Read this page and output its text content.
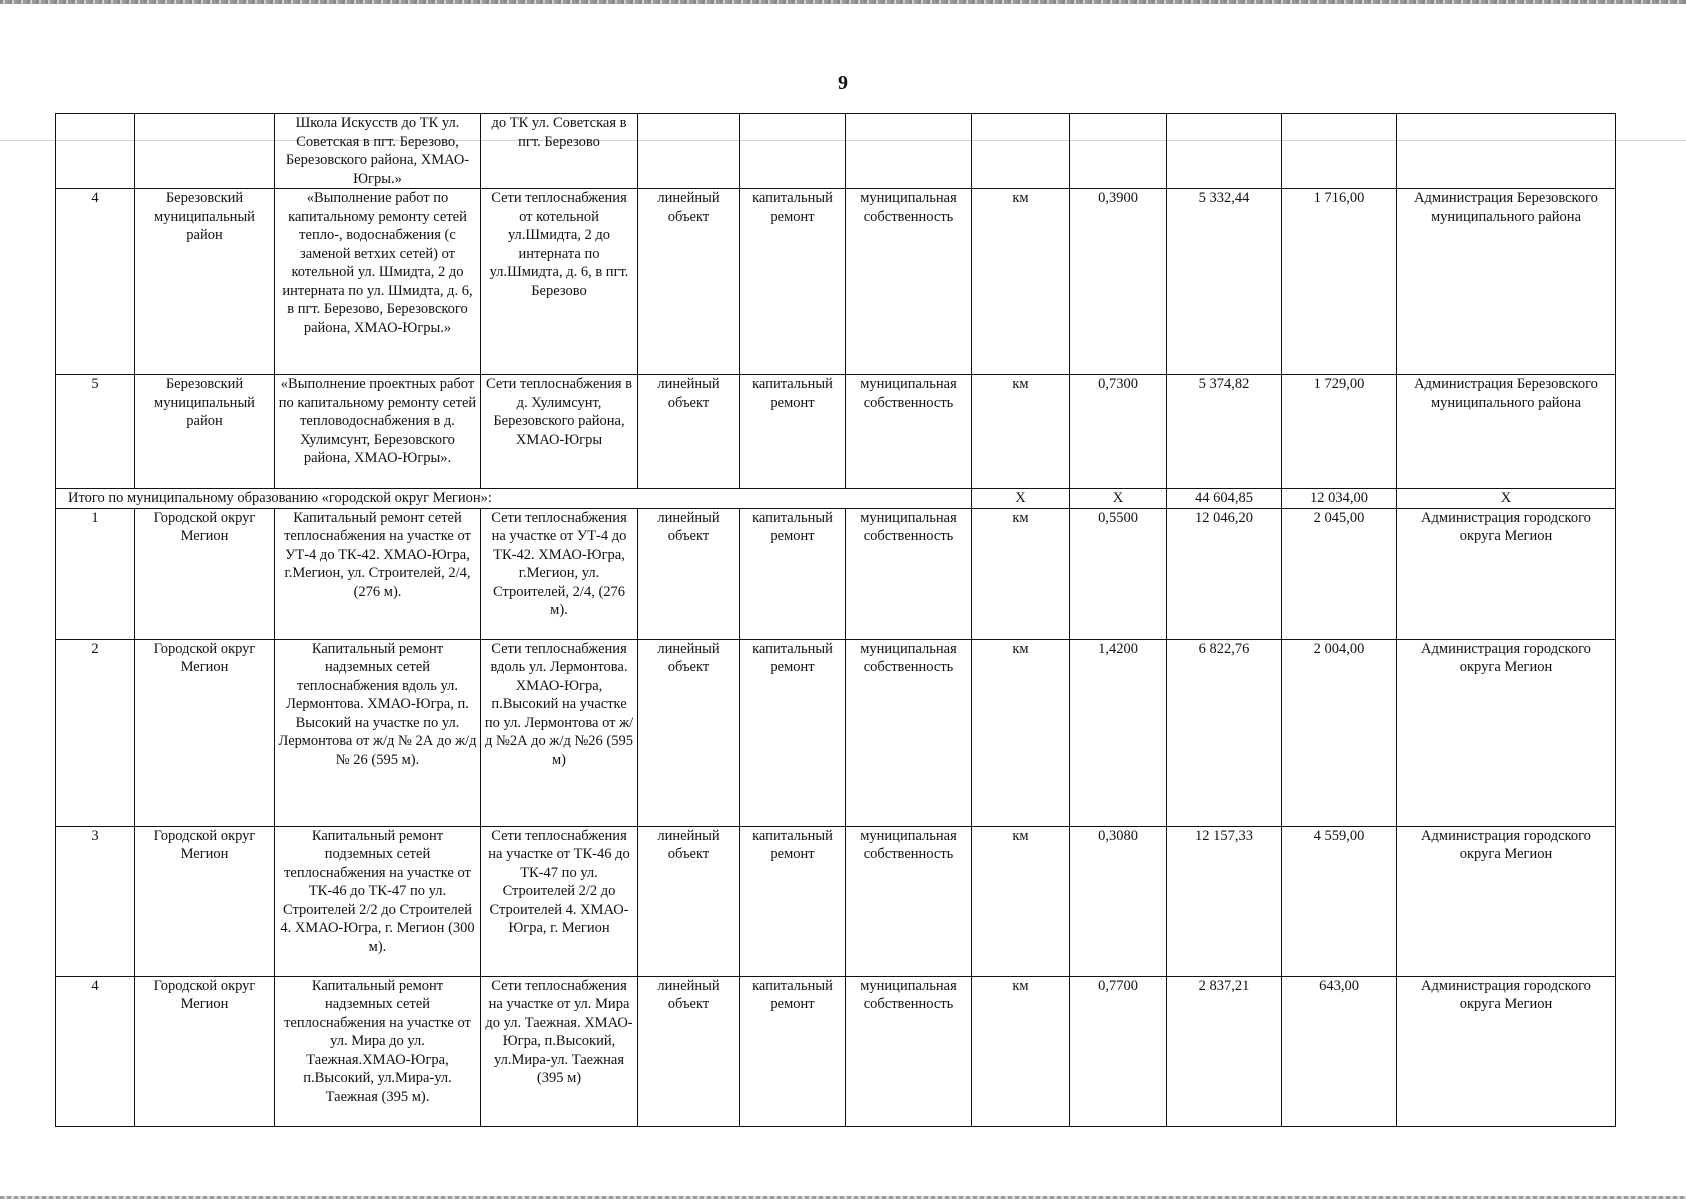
9
		Школа Искусств до ТК ул. Советская в пгт. Березово, Березовского района, ХМАО-Югры.»	до ТК ул. Советская в пгт. Березово								
4	Березовский муниципальный район	«Выполнение работ по капитальному ремонту сетей тепло-, водоснабжения (с заменой ветхих сетей) от котельной ул. Шмидта, 2 до интерната по ул. Шмидта, д. 6, в пгт. Березово, Березовского района, ХМАО-Югры.»	Сети теплоснабжения от котельной ул.Шмидта, 2 до интерната по ул.Шмидта, д. 6, в пгт. Березово	линейный объект	капитальный ремонт	муниципальная собственность	км	0,3900	5 332,44	1 716,00	Администрация Березовского муниципального района
5	Березовский муниципальный район	«Выполнение проектных работ по капитальному ремонту сетей тепловодоснабжения в д. Хулимсунт, Березовского района, ХМАО-Югры».	Сети теплоснабжения в д. Хулимсунт, Березовского района, ХМАО-Югры	линейный объект	капитальный ремонт	муниципальная собственность	км	0,7300	5 374,82	1 729,00	Администрация Березовского муниципального района
Итого по муниципальному образованию «городской округ Мегион»:							X	X	44 604,85	12 034,00	X
1	Городской округ Мегион	Капитальный ремонт сетей теплоснабжения на участке от УТ-4 до ТК-42. ХМАО-Югра, г.Мегион, ул. Строителей, 2/4, (276 м).	Сети теплоснабжения на участке от УТ-4 до ТК-42. ХМАО-Югра, г.Мегион, ул. Строителей, 2/4, (276 м).	линейный объект	капитальный ремонт	муниципальная собственность	км	0,5500	12 046,20	2 045,00	Администрация городского округа Мегион
2	Городской округ Мегион	Капитальный ремонт надземных сетей теплоснабжения вдоль ул. Лермонтова. ХМАО-Югра, п. Высокий на участке по ул. Лермонтова от ж/д № 2А до ж/д № 26 (595 м).	Сети теплоснабжения вдоль ул. Лермонтова. ХМАО-Югра, п.Высокий на участке по ул. Лермонтова от ж/д №2А до ж/д №26 (595 м)	линейный объект	капитальный ремонт	муниципальная собственность	км	1,4200	6 822,76	2 004,00	Администрация городского округа Мегион
3	Городской округ Мегион	Капитальный ремонт подземных сетей теплоснабжения на участке от ТК-46 до ТК-47 по ул. Строителей 2/2 до Строителей 4. ХМАО-Югра, г. Мегион (300 м).	Сети теплоснабжения на участке от ТК-46 до ТК-47 по ул. Строителей 2/2 до Строителей 4. ХМАО-Югра, г. Мегион	линейный объект	капитальный ремонт	муниципальная собственность	км	0,3080	12 157,33	4 559,00	Администрация городского округа Мегион
4	Городской округ Мегион	Капитальный ремонт надземных сетей теплоснабжения на участке от ул. Мира до ул. Таежная.ХМАО-Югра, п.Высокий, ул.Мира-ул. Таежная (395 м).	Сети теплоснабжения на участке от ул. Мира до ул. Таежная. ХМАО-Югра, п.Высокий, ул.Мира-ул. Таежная (395 м)	линейный объект	капитальный ремонт	муниципальная собственность	км	0,7700	2 837,21	643,00	Администрация городского округа Мегион
